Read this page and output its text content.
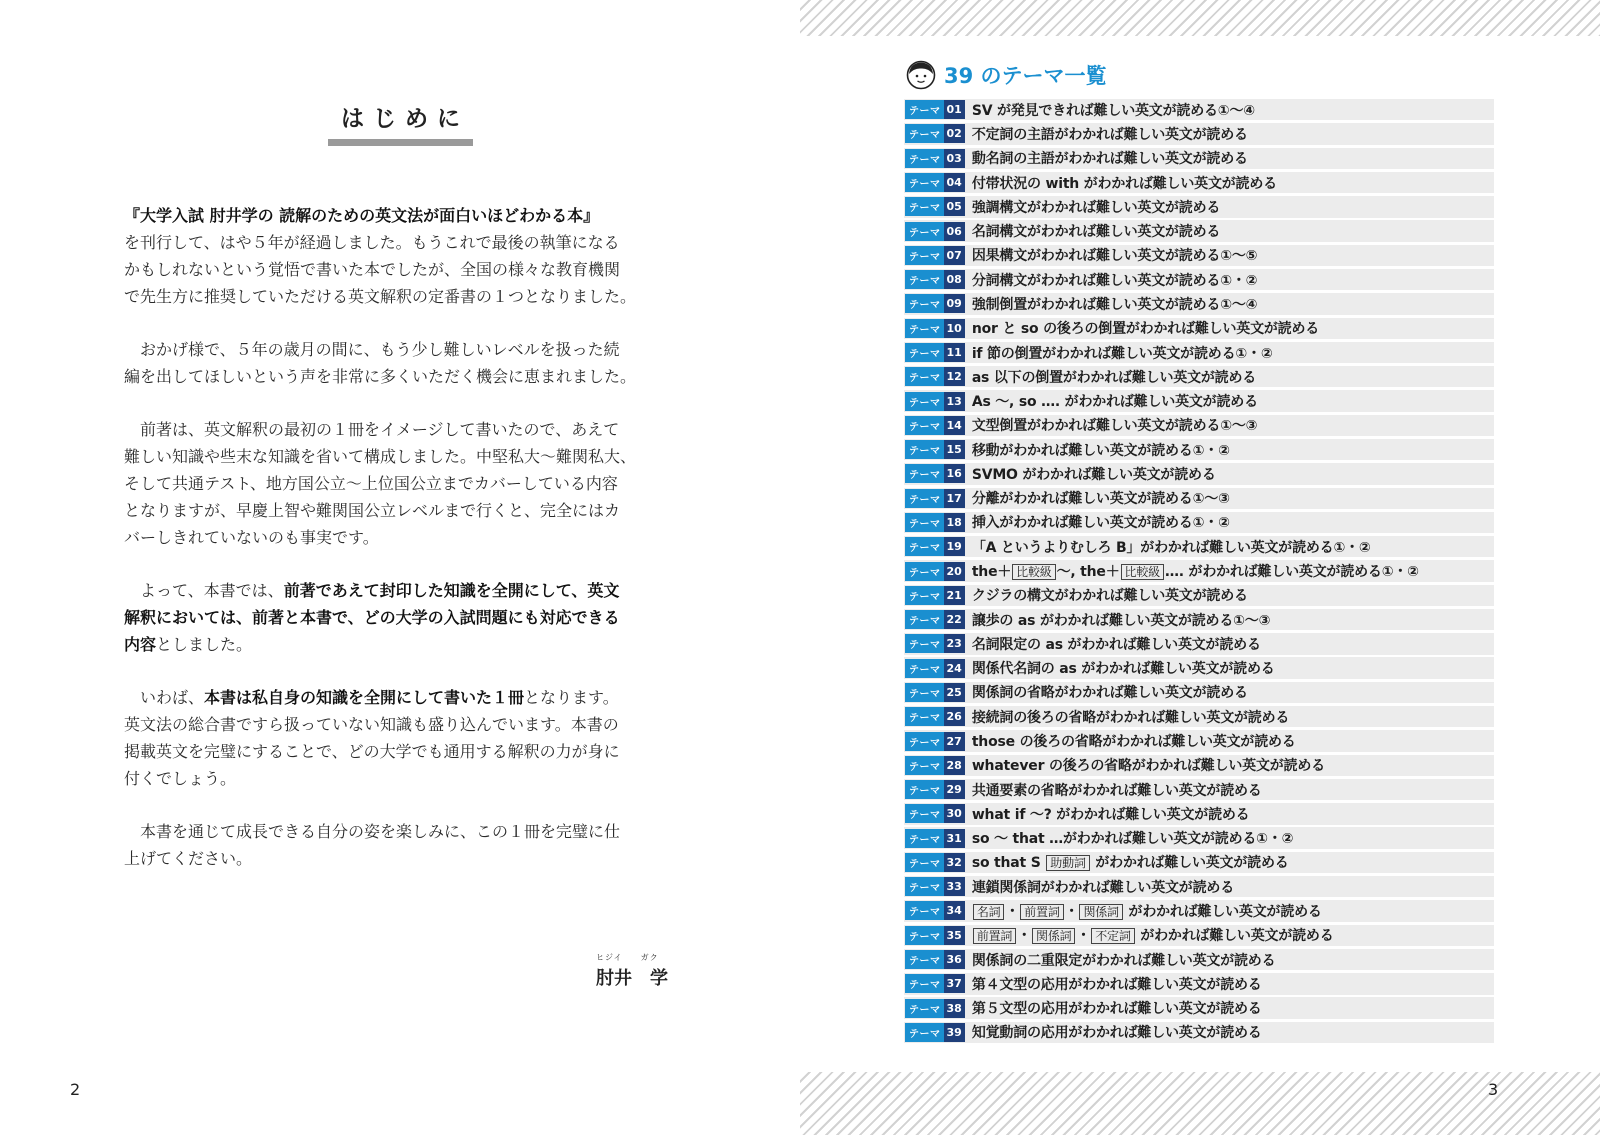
はじめに

『大学入試 肘井学の 読解のための英文法が面白いほどわかる本』
を刊行して、はや５年が経過しました。もうこれで最後の執筆になる
かもしれないという覚悟で書いた本でしたが、全国の様々な教育機関
で先生方に推奨していただける英文解釈の定番書の１つとなりました。

　おかげ様で、５年の歳月の間に、もう少し難しいレベルを扱った続
編を出してほしいという声を非常に多くいただく機会に恵まれました。

　前著は、英文解釈の最初の１冊をイメージして書いたので、あえて
難しい知識や些末な知識を省いて構成しました。中堅私大～難関私大、
そして共通テスト、地方国公立～上位国公立までカバーしている内容
となりますが、早慶上智や難関国公立レベルまで行くと、完全にはカ
バーしきれていないのも事実です。

　よって、本書では、前著であえて封印した知識を全開にして、英文
解釈においては、前著と本書で、どの大学の入試問題にも対応できる
内容としました。

　いわば、本書は私自身の知識を全開にして書いた１冊となります。
英文法の総合書ですら扱っていない知識も盛り込んでいます。本書の
掲載英文を完璧にすることで、どの大学でも通用する解釈の力が身に
付くでしょう。

　本書を通じて成長できる自分の姿を楽しみに、この１冊を完璧に仕
上げてください。

ヒジイ　　ガク
肘井　学
2
39 のテーマ一覧
テーマ 01 SV が発見できれば難しい英文が読める①～④
テーマ 02 不定詞の主語がわかれば難しい英文が読める
テーマ 03 動名詞の主語がわかれば難しい英文が読める
テーマ 04 付帯状況の with がわかれば難しい英文が読める
テーマ 05 強調構文がわかれば難しい英文が読める
テーマ 06 名詞構文がわかれば難しい英文が読める
テーマ 07 因果構文がわかれば難しい英文が読める①～⑤
テーマ 08 分詞構文がわかれば難しい英文が読める①・②
テーマ 09 強制倒置がわかれば難しい英文が読める①～④
テーマ 10 nor と so の後ろの倒置がわかれば難しい英文が読める
テーマ 11 if 節の倒置がわかれば難しい英文が読める①・②
テーマ 12 as 以下の倒置がわかれば難しい英文が読める
テーマ 13 As ～, so …. がわかれば難しい英文が読める
テーマ 14 文型倒置がわかれば難しい英文が読める①～③
テーマ 15 移動がわかれば難しい英文が読める①・②
テーマ 16 SVMO がわかれば難しい英文が読める
テーマ 17 分離がわかれば難しい英文が読める①～③
テーマ 18 挿入がわかれば難しい英文が読める①・②
テーマ 19 「A というよりむしろ B」がわかれば難しい英文が読める①・②
テーマ 20 the＋ 比較級 ～, the＋ 比較級 …. がわかれば難しい英文が読める①・②
テーマ 21 クジラの構文がわかれば難しい英文が読める
テーマ 22 譲歩の as がわかれば難しい英文が読める①～③
テーマ 23 名詞限定の as がわかれば難しい英文が読める
テーマ 24 関係代名詞の as がわかれば難しい英文が読める
テーマ 25 関係詞の省略がわかれば難しい英文が読める
テーマ 26 接続詞の後ろの省略がわかれば難しい英文が読める
テーマ 27 those の後ろの省略がわかれば難しい英文が読める
テーマ 28 whatever の後ろの省略がわかれば難しい英文が読める
テーマ 29 共通要素の省略がわかれば難しい英文が読める
テーマ 30 what if ～? がわかれば難しい英文が読める
テーマ 31 so ～ that …がわかれば難しい英文が読める①・②
テーマ 32 so that S 助動詞 がわかれば難しい英文が読める
テーマ 33 連鎖関係詞がわかれば難しい英文が読める
テーマ 34	名詞 ・ 前置詞 ・ 関係詞 がわかれば難しい英文が読める
テーマ 35	前置詞 ・ 関係詞 ・ 不定詞 がわかれば難しい英文が読める
テーマ 36 関係詞の二重限定がわかれば難しい英文が読める
テーマ 37 第４文型の応用がわかれば難しい英文が読める
テーマ 38 第５文型の応用がわかれば難しい英文が読める
テーマ 39 知覚動詞の応用がわかれば難しい英文が読める
3
